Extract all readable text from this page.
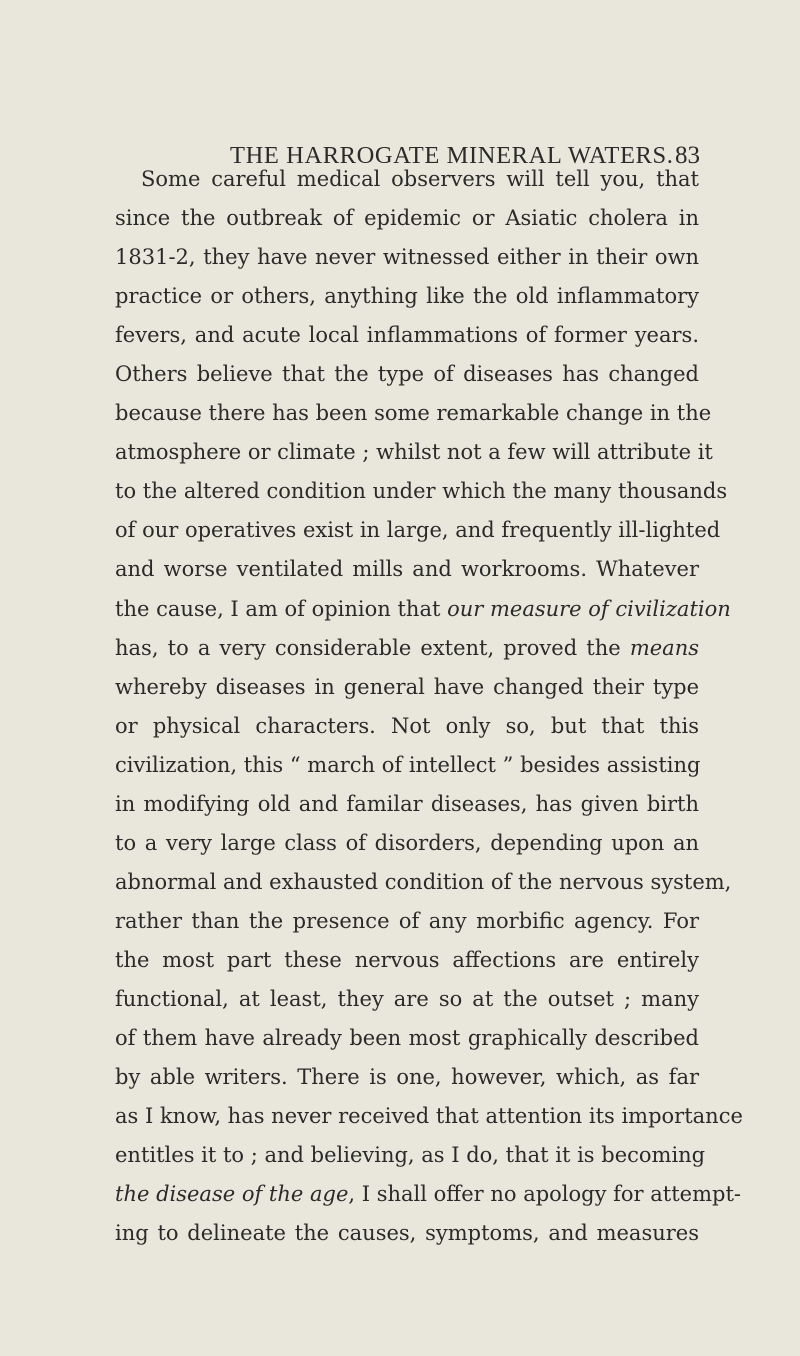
THE HARROGATE MINERAL WATERS. 83
Some careful medical observers will tell you, that
since the outbreak of epidemic or Asiatic cholera in
1831-2, they have never witnessed either in their own
practice or others, anything like the old inflammatory
fevers, and acute local inflammations of former years.
Others believe that the type of diseases has changed
because there has been some remarkable change in the
atmosphere or climate ; whilst not a few will attribute it
to the altered condition under which the many thousands
of our operatives exist in large, and frequently ill-lighted
and worse ventilated mills and workrooms. Whatever
the cause, I am of opinion that our measure of civilization
has, to a very considerable extent, proved the means
whereby diseases in general have changed their type
or physical characters. Not only so, but that this
civilization, this “ march of intellect ” besides assisting
in modifying old and familar diseases, has given birth
to a very large class of disorders, depending upon an
abnormal and exhausted condition of the nervous system,
rather than the presence of any morbific agency. For
the most part these nervous affections are entirely
functional, at least, they are so at the outset ; many
of them have already been most graphically described
by able writers. There is one, however, which, as far
as I know, has never received that attention its importance
entitles it to ; and believing, as I do, that it is becoming
the disease of the age, I shall offer no apology for attempt-
ing to delineate the causes, symptoms, and measures
